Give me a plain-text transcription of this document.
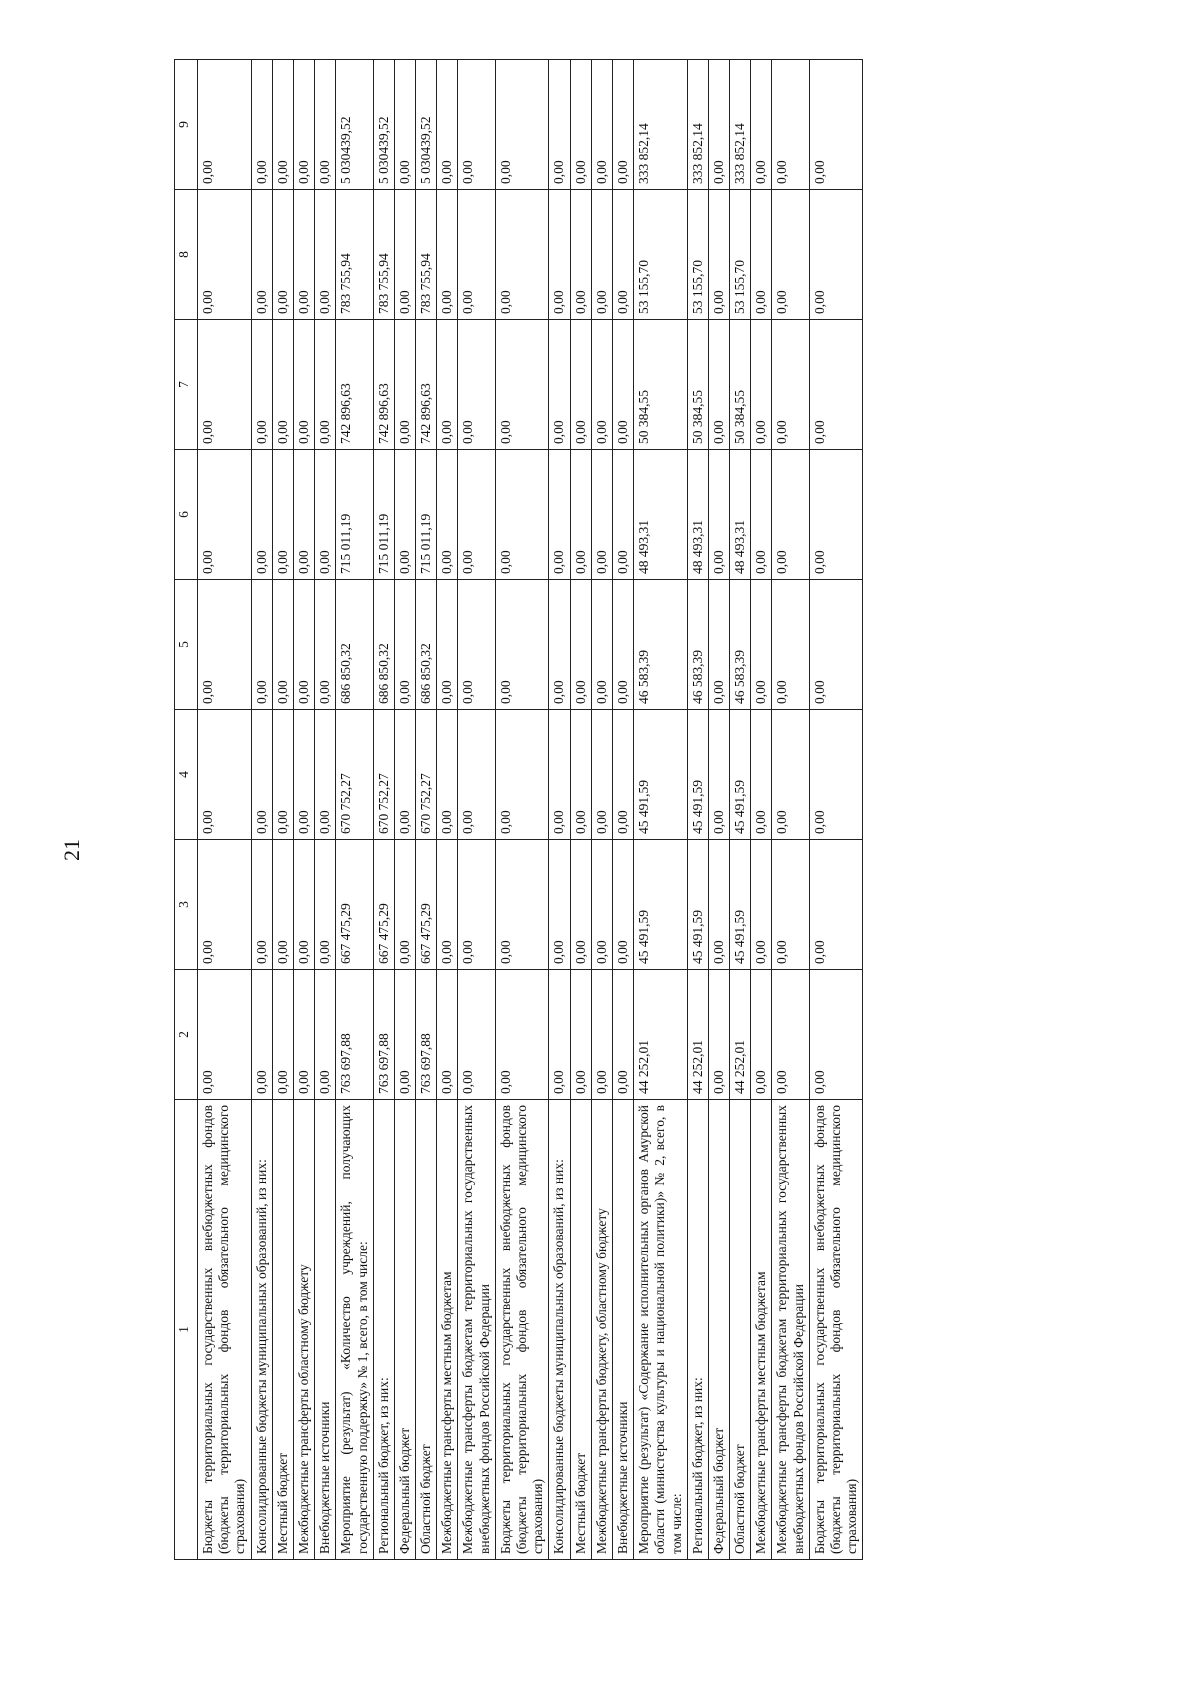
21
1	2	3	4	5	6	7	8	9
Бюджеты территориальных государственных внебюджетных фондов (бюджеты территориальных фондов обязательного медицинского страхования)	0,00	0,00	0,00	0,00	0,00	0,00	0,00	0,00
Консолидированные бюджеты муниципальных образований, из них:	0,00	0,00	0,00	0,00	0,00	0,00	0,00	0,00
Местный бюджет	0,00	0,00	0,00	0,00	0,00	0,00	0,00	0,00
Межбюджетные трансферты областному бюджету	0,00	0,00	0,00	0,00	0,00	0,00	0,00	0,00
Внебюджетные источники	0,00	0,00	0,00	0,00	0,00	0,00	0,00	0,00
Мероприятие (результат) «Количество учреждений, получающих государственную поддержку» № 1, всего, в том числе:	763 697,88	667 475,29	670 752,27	686 850,32	715 011,19	742 896,63	783 755,94	5 030439,52
Региональный бюджет, из них:	763 697,88	667 475,29	670 752,27	686 850,32	715 011,19	742 896,63	783 755,94	5 030439,52
Федеральный бюджет	0,00	0,00	0,00	0,00	0,00	0,00	0,00	0,00
Областной бюджет	763 697,88	667 475,29	670 752,27	686 850,32	715 011,19	742 896,63	783 755,94	5 030439,52
Межбюджетные трансферты местным бюджетам	0,00	0,00	0,00	0,00	0,00	0,00	0,00	0,00
Межбюджетные трансферты бюджетам территориальных государственных внебюджетных фондов Российской Федерации	0,00	0,00	0,00	0,00	0,00	0,00	0,00	0,00
Бюджеты территориальных государственных внебюджетных фондов (бюджеты территориальных фондов обязательного медицинского страхования)	0,00	0,00	0,00	0,00	0,00	0,00	0,00	0,00
Консолидированные бюджеты муниципальных образований, из них:	0,00	0,00	0,00	0,00	0,00	0,00	0,00	0,00
Местный бюджет	0,00	0,00	0,00	0,00	0,00	0,00	0,00	0,00
Межбюджетные трансферты бюджету, областному бюджету	0,00	0,00	0,00	0,00	0,00	0,00	0,00	0,00
Внебюджетные источники	0,00	0,00	0,00	0,00	0,00	0,00	0,00	0,00
Мероприятие (результат) «Содержание исполнительных органов Амурской области (министерства культуры и национальной политики)» № 2, всего, в том числе:	44 252,01	45 491,59	45 491,59	46 583,39	48 493,31	50 384,55	53 155,70	333 852,14
Региональный бюджет, из них:	44 252,01	45 491,59	45 491,59	46 583,39	48 493,31	50 384,55	53 155,70	333 852,14
Федеральный бюджет	0,00	0,00	0,00	0,00	0,00	0,00	0,00	0,00
Областной бюджет	44 252,01	45 491,59	45 491,59	46 583,39	48 493,31	50 384,55	53 155,70	333 852,14
Межбюджетные трансферты местным бюджетам	0,00	0,00	0,00	0,00	0,00	0,00	0,00	0,00
Межбюджетные трансферты бюджетам территориальных государственных внебюджетных фондов Российской Федерации	0,00	0,00	0,00	0,00	0,00	0,00	0,00	0,00
Бюджеты территориальных государственных внебюджетных фондов (бюджеты территориальных фондов обязательного медицинского страхования)	0,00	0,00	0,00	0,00	0,00	0,00	0,00	0,00
